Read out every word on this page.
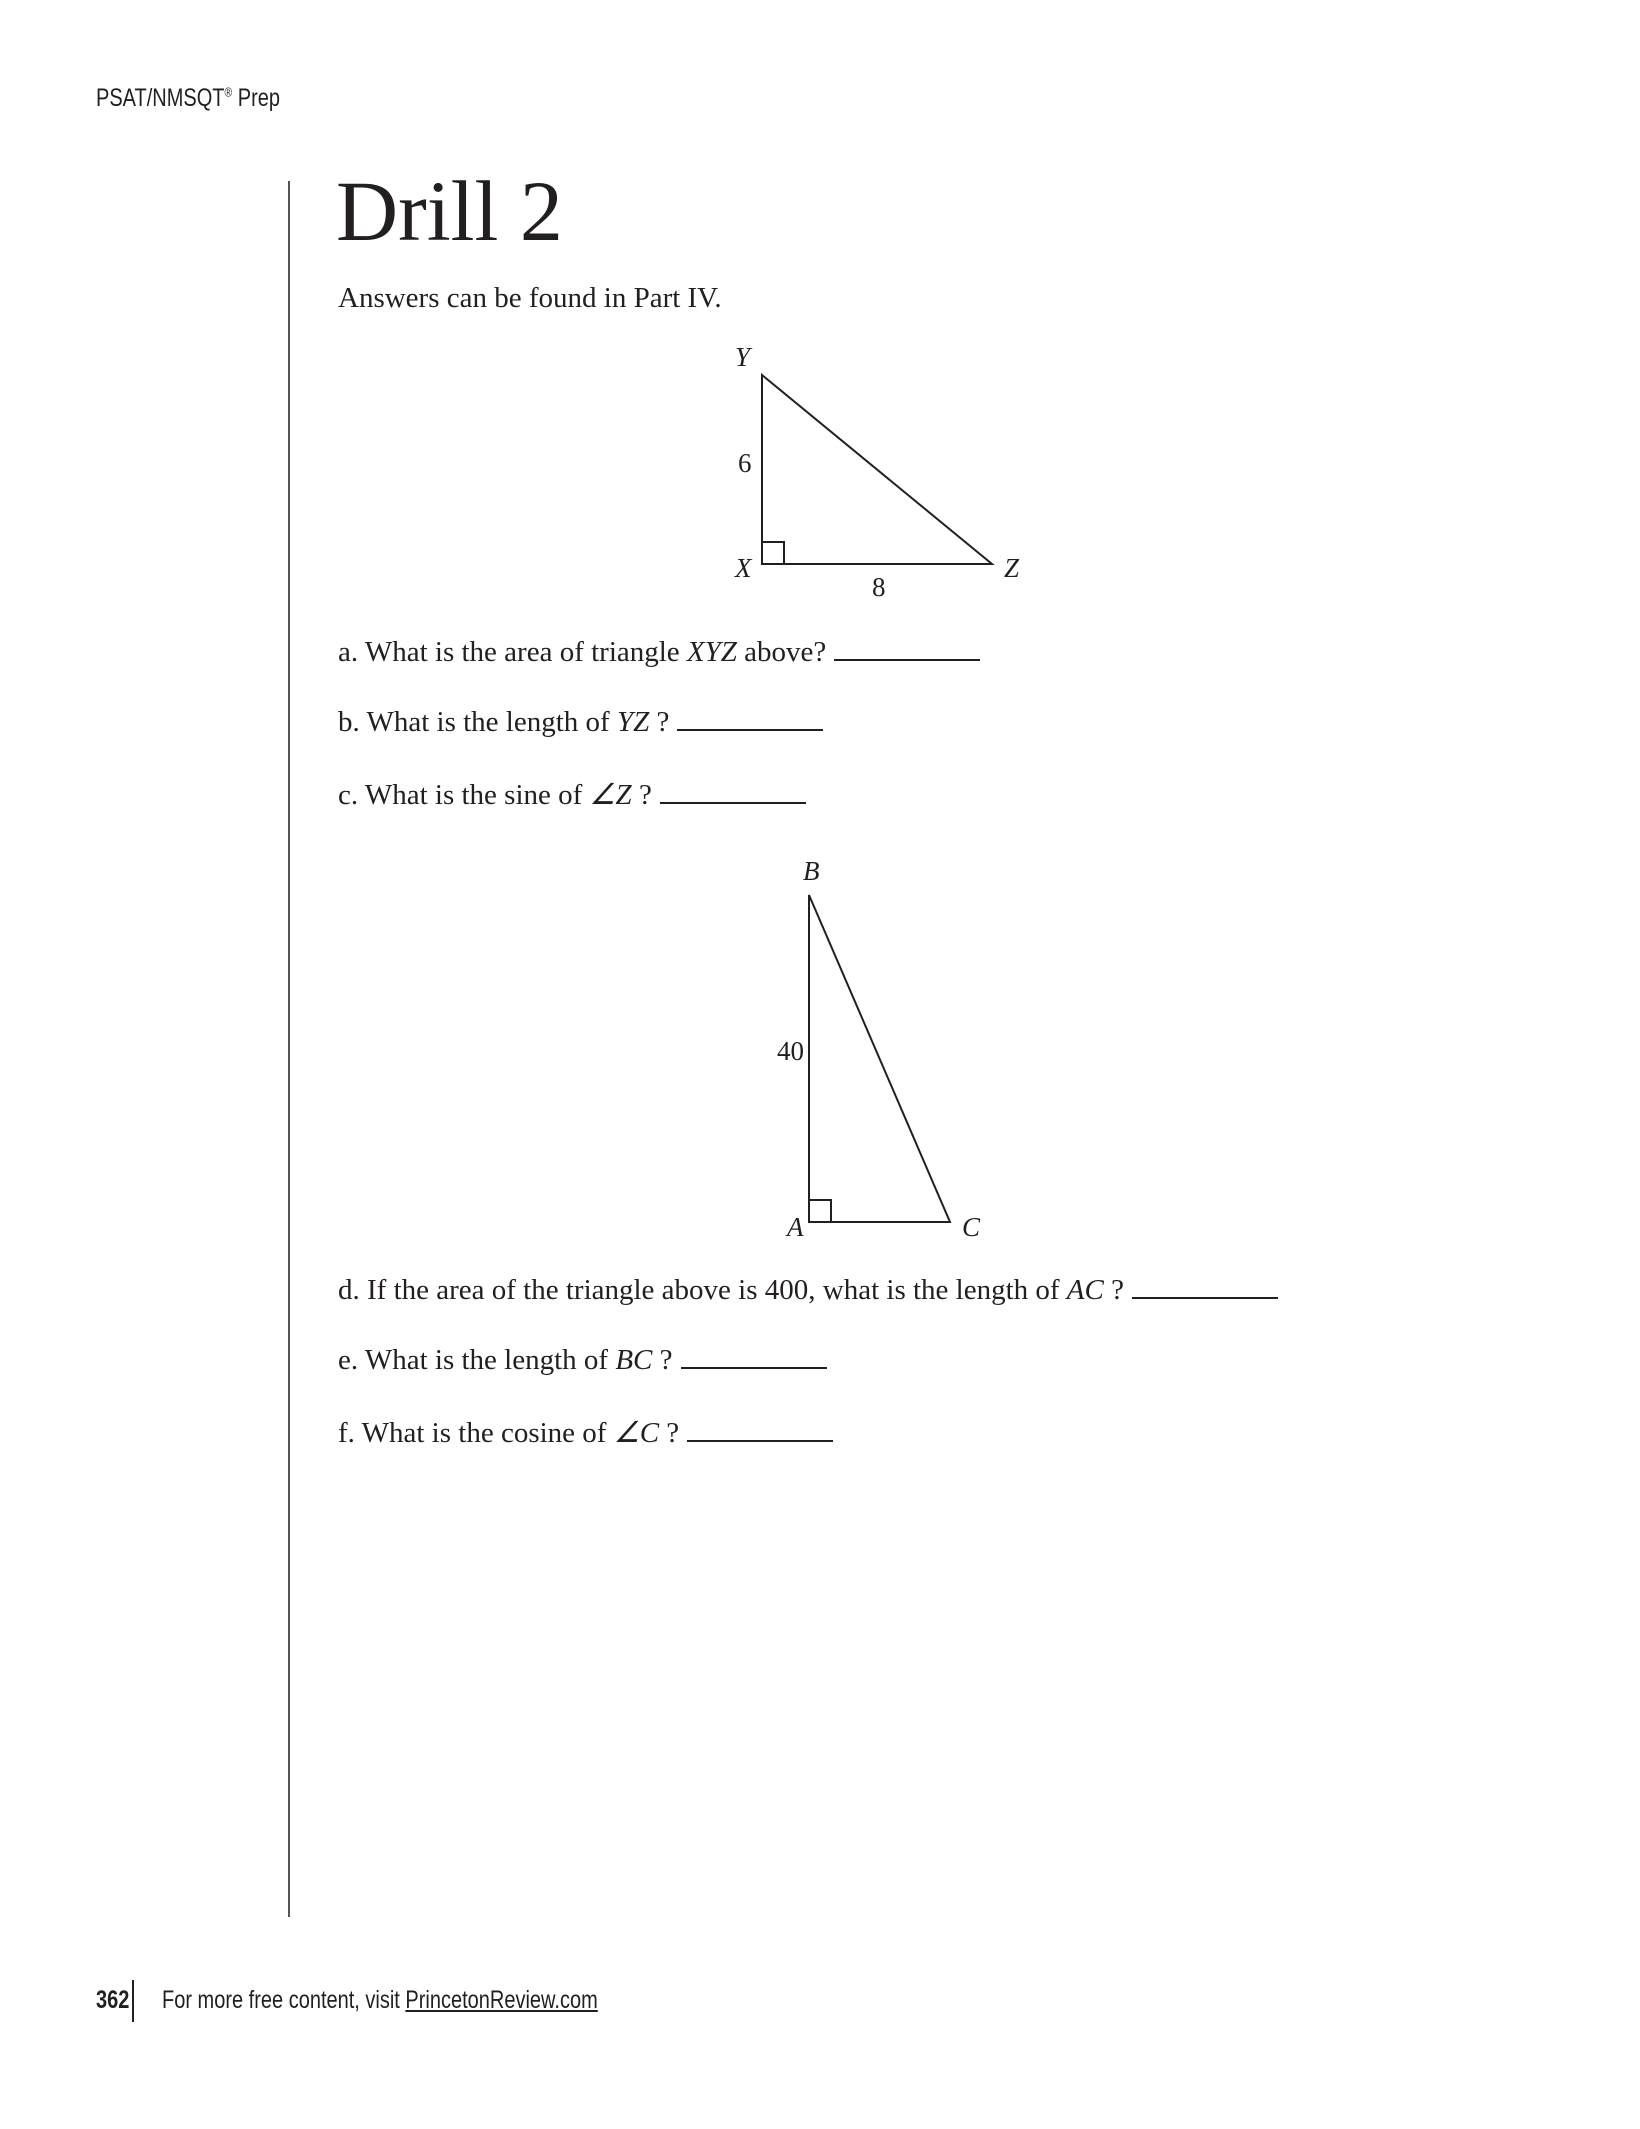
PSAT/NMSQT® Prep
Drill 2
Answers can be found in Part IV.
Y
6
X
8
Z
B
40
A	C
a. What is the area of triangle XYZ above?
b. What is the length of YZ ?
c. What is the sine of ∠Z ?
d. If the area of the triangle above is 400, what is the length of AC ?
e. What is the length of BC ?
f. What is the cosine of ∠C ?
362 For more free content, visit PrincetonReview.com
